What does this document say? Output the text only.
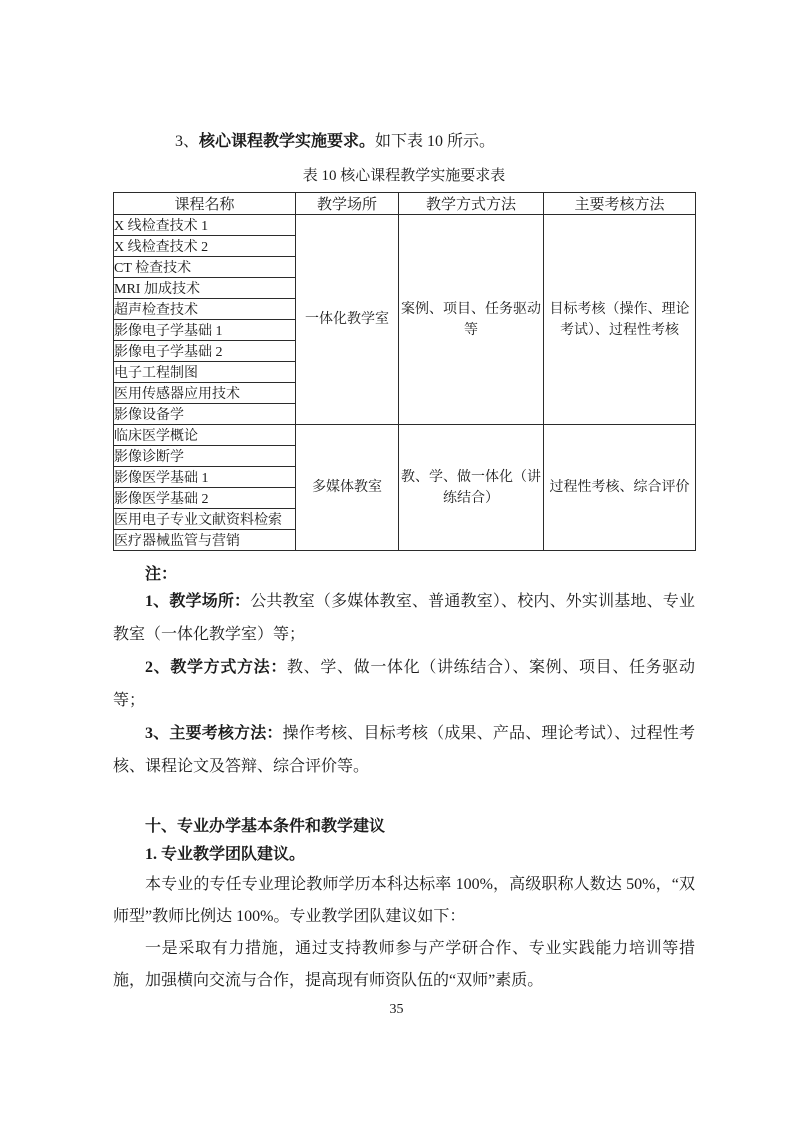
3、核心课程教学实施要求。如下表 10 所示。

表 10 核心课程教学实施要求表

课程名称	教学场所	教学方式方法	主要考核方法
X 线检查技术 1	一体化教学室	案例、项目、任务驱动等	目标考核（操作、理论考试）、过程性考核
X 线检查技术 2			
CT 检查技术			
MRI 加成技术			
超声检查技术			
影像电子学基础 1			
影像电子学基础 2			
电子工程制图			
医用传感器应用技术			
影像设备学			
临床医学概论	多媒体教室	教、学、做一体化（讲练结合）	过程性考核、综合评价
影像诊断学			
影像医学基础 1			
影像医学基础 2			
医用电子专业文献资料检索			
医疗器械监管与营销			

注：

1、教学场所：公共教室（多媒体教室、普通教室）、校内、外实训基地、专业教室（一体化教学室）等；

2、教学方式方法：教、学、做一体化（讲练结合）、案例、项目、任务驱动等；

3、主要考核方法：操作考核、目标考核（成果、产品、理论考试）、过程性考核、课程论文及答辩、综合评价等。

十、专业办学基本条件和教学建议

1. 专业教学团队建议。

本专业的专任专业理论教师学历本科达标率 100%，高级职称人数达 50%，“双师型”教师比例达 100%。专业教学团队建议如下：

一是采取有力措施，通过支持教师参与产学研合作、专业实践能力培训等措施，加强横向交流与合作，提高现有师资队伍的“双师”素质。

35
